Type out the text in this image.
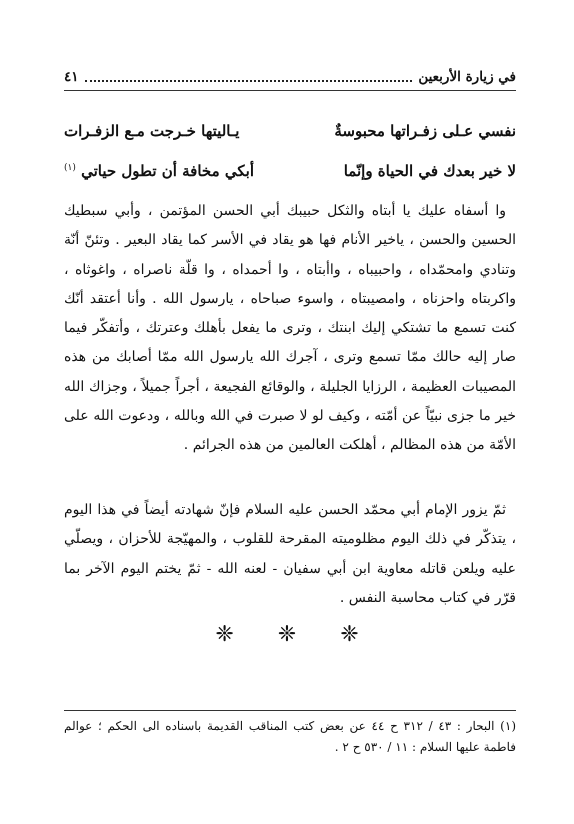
في زيارة الأربعين
٤١
نفسي عـلى زفـراتها محبوسةٌ
يـاليتها خـرجت مـع الزفـرات
لا خير بعدك في الحياة وإنّما
أبكي مخافة أن تطول حياتي $^{(١)}$

وا أسفاه عليك يا أبتاه والثكل حبيبك أبي الحسن المؤتمن ، وأبي سبطيك الحسين والحسن ، ياخير الأنام فها هو يقاد في الأسر كما يقاد البعير . وتئنّ أنّة وتنادي وامحمّداه ، واحبيباه ، واأبتاه ، وا أحمداه ، وا قلّة ناصراه ، واغوثاه ، واكربتاه واحزناه ، وامصيبتاه ، واسوء صباحاه ، يارسول الله . وأنا أعتقد أنّك كنت تسمع ما تشتكي إليك ابنتك ، وترى ما يفعل بأهلك وعترتك ، وأتفكّر فيما صار إليه حالك ممّا تسمع وترى ، آجرك الله يارسول الله ممّا أصابك من هذه المصيبات العظيمة ، الرزايا الجليلة ، والوقائع الفجيعة ، أجراً جميلاً ، وجزاك الله خير ما جزى نبيّاً عن أمّته ، وكيف لو لا صبرت في الله وبالله ، ودعوت الله على الأمّة من هذه المظالم ، أهلكت العالمين من هذه الجرائم .

ثمّ يزور الإمام أبي محمّد الحسن عليه السلام فإنّ شهادته أيضاً في هذا اليوم ، يتذكّر في ذلك اليوم مظلوميته المقرحة للقلوب ، والمهيّجة للأحزان ، ويصلّي عليه ويلعن قاتله معاوية ابن أبي سفيان - لعنه الله - ثمّ يختم اليوم الآخر بما قرّر في كتاب محاسبة النفس .

❈
❈
❈

(١) البحار : ٤٣ / ٣١٢ ح ٤٤ عن بعض كتب المناقب القديمة باسناده الى الحكم ؛ عوالم فاطمة عليها السلام : ١١ / ٥٣٠ ح ٢ .
